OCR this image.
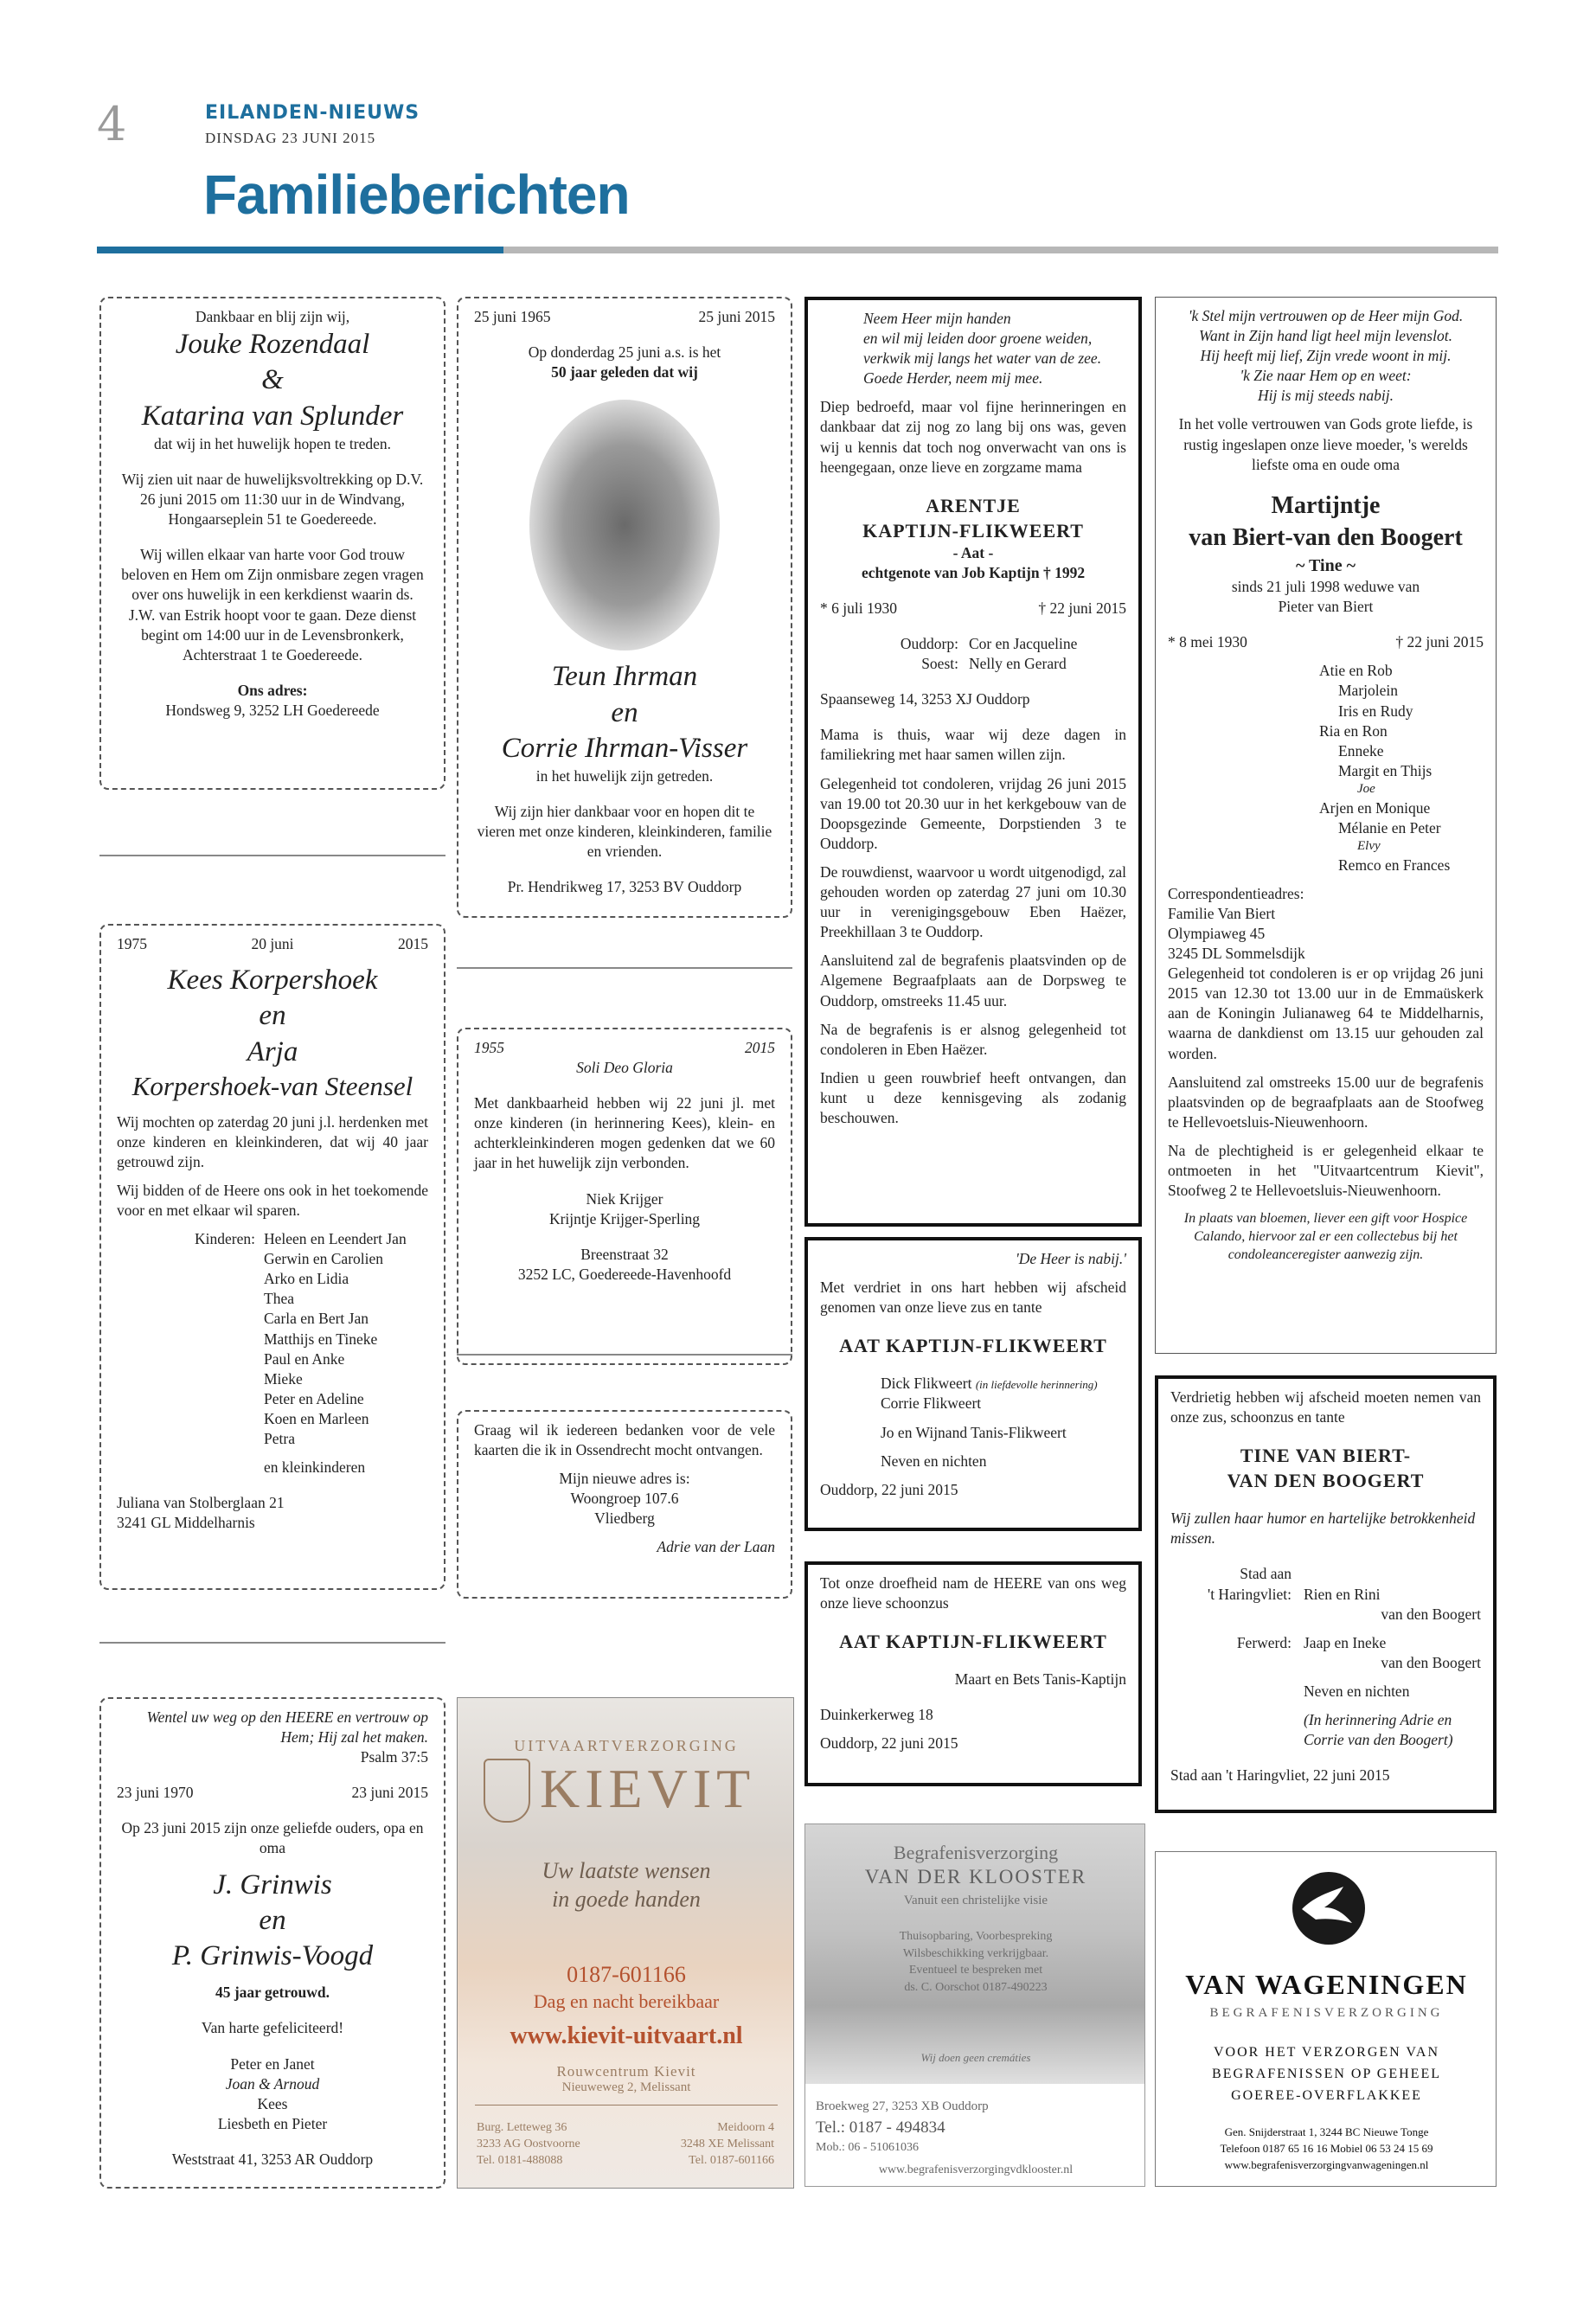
4	EILANDEN-NIEUWS
DINSDAG 23 JUNI 2015
Familieberichten
Dankbaar en blij zijn wij,
Jouke Rozendaal
&
Katarina van Splunder
dat wij in het huwelijk hopen te treden.
Wij zien uit naar de huwelijksvoltrekking op D.V. 26 juni 2015 om 11:30 uur in de Windvang, Hongaarseplein 51 te Goedereede.
Wij willen elkaar van harte voor God trouw beloven en Hem om Zijn onmisbare zegen vragen over ons huwelijk in een kerkdienst waarin ds. J.W. van Estrik hoopt voor te gaan. Deze dienst begint om 14:00 uur in de Levensbronkerk, Achterstraat 1 te Goedereede.
Ons adres:
Hondsweg 9, 3252 LH Goedereede
1975	20 juni	2015
Kees Korpershoek
en
Arja
Korpershoek-van Steensel
Wij mochten op zaterdag 20 juni j.l. herdenken met onze kinderen en kleinkinderen, dat wij 40 jaar getrouwd zijn.
Wij bidden of de Heere ons ook in het toekomende voor en met elkaar wil sparen.
Kinderen: Heleen en Leendert Jan
Gerwin en Carolien
Arko en Lidia
Thea
Carla en Bert Jan
Matthijs en Tineke
Paul en Anke
Mieke
Peter en Adeline
Koen en Marleen
Petra
en kleinkinderen
Juliana van Stolberglaan 21
3241 GL Middelharnis
Wentel uw weg op den HEERE en vertrouw op Hem; Hij zal het maken.
Psalm 37:5
23 juni 1970	23 juni 2015
Op 23 juni 2015 zijn onze geliefde ouders, opa en oma
J. Grinwis
en
P. Grinwis-Voogd
45 jaar getrouwd.
Van harte gefeliciteerd!
Peter en Janet
Joan & Arnoud
Kees
Liesbeth en Pieter
Weststraat 41, 3253 AR Ouddorp
25 juni 1965	25 juni 2015
Op donderdag 25 juni a.s. is het
50 jaar geleden dat wij
Teun Ihrman
en
Corrie Ihrman-Visser
in het huwelijk zijn getreden.
Wij zijn hier dankbaar voor en hopen dit te vieren met onze kinderen, kleinkinderen, familie en vrienden.
Pr. Hendrikweg 17, 3253 BV Ouddorp
1955	2015
Soli Deo Gloria
Met dankbaarheid hebben wij 22 juni jl. met onze kinderen (in herinnering Kees), klein- en achterkleinkinderen mogen gedenken dat we 60 jaar in het huwelijk zijn verbonden.
Niek Krijger
Krijntje Krijger-Sperling
Breenstraat 32
3252 LC, Goedereede-Havenhoofd
Graag wil ik iedereen bedanken voor de vele kaarten die ik in Ossendrecht mocht ontvangen.
Mijn nieuwe adres is:
Woongroep 107.6
Vliedberg
Adrie van der Laan
UITVAARTVERZORGING
KIEVIT
Uw laatste wensen
in goede handen
0187-601166
Dag en nacht bereikbaar
www.kievit-uitvaart.nl
Rouwcentrum Kievit
Nieuweweg 2, Melissant
Burg. Letteweg 36
3233 AG Oostvoorne
Tel. 0181-488088
Meidoorn 4
3248 XE Melissant
Tel. 0187-601166
Neem Heer mijn handen
en wil mij leiden door groene weiden,
verkwik mij langs het water van de zee.
Goede Herder, neem mij mee.
Diep bedroefd, maar vol fijne herinneringen en dankbaar dat zij nog zo lang bij ons was, geven wij u kennis dat toch nog onverwacht van ons is heengegaan, onze lieve en zorgzame mama
ARENTJE
KAPTIJN-FLIKWEERT
- Aat -
echtgenote van Job Kaptijn † 1992
* 6 juli 1930	† 22 juni 2015
Ouddorp: Cor en Jacqueline
Soest: Nelly en Gerard
Spaanseweg 14, 3253 XJ Ouddorp
Mama is thuis, waar wij deze dagen in familiekring met haar samen willen zijn.
Gelegenheid tot condoleren, vrijdag 26 juni 2015 van 19.00 tot 20.30 uur in het kerkgebouw van de Doopsgezinde Gemeente, Dorpstienden 3 te Ouddorp.
De rouwdienst, waarvoor u wordt uitgenodigd, zal gehouden worden op zaterdag 27 juni om 10.30 uur in verenigingsgebouw Eben Haëzer, Preekhillaan 3 te Ouddorp.
Aansluitend zal de begrafenis plaatsvinden op de Algemene Begraafplaats aan de Dorpsweg te Ouddorp, omstreeks 11.45 uur.
Na de begrafenis is er alsnog gelegenheid tot condoleren in Eben Haëzer.
Indien u geen rouwbrief heeft ontvangen, dan kunt u deze kennisgeving als zodanig beschouwen.
'De Heer is nabij.'
Met verdriet in ons hart hebben wij afscheid genomen van onze lieve zus en tante
AAT KAPTIJN-FLIKWEERT
Dick Flikweert (in liefdevolle herinnering)
Corrie Flikweert
Jo en Wijnand Tanis-Flikweert
Neven en nichten
Ouddorp, 22 juni 2015
Tot onze droefheid nam de HEERE van ons weg onze lieve schoonzus
AAT KAPTIJN-FLIKWEERT
Maart en Bets Tanis-Kaptijn
Duinkerkerweg 18
Ouddorp, 22 juni 2015
Begrafenisverzorging
VAN DER KLOOSTER
Vanuit een christelijke visie
Thuisopbaring, Voorbespreking
Wilsbeschikking verkrijgbaar.
Eventueel te bespreken met
ds. C. Oorschot 0187-490223
Wij doen geen cremáties
Broekweg 27, 3253 XB Ouddorp
Tel.: 0187 - 494834
Mob.: 06 - 51061036
www.begrafenisverzorgingvdklooster.nl
'k Stel mijn vertrouwen op de Heer mijn God.
Want in Zijn hand ligt heel mijn levenslot.
Hij heeft mij lief, Zijn vrede woont in mij.
'k Zie naar Hem op en weet:
Hij is mij steeds nabij.
In het volle vertrouwen van Gods grote liefde, is rustig ingeslapen onze lieve moeder, 's werelds liefste oma en oude oma
Martijntje
van Biert-van den Boogert
~ Tine ~
sinds 21 juli 1998 weduwe van
Pieter van Biert
* 8 mei 1930	† 22 juni 2015
Atie en Rob
Marjolein
Iris en Rudy
Ria en Ron
Enneke
Margit en Thijs
Joe
Arjen en Monique
Mélanie en Peter
Elvy
Remco en Frances
Correspondentieadres:
Familie Van Biert
Olympiaweg 45
3245 DL Sommelsdijk
Gelegenheid tot condoleren is er op vrijdag 26 juni 2015 van 12.30 tot 13.00 uur in de Emmaüskerk aan de Koningin Julianaweg 64 te Middelharnis, waarna de dankdienst om 13.15 uur gehouden zal worden.
Aansluitend zal omstreeks 15.00 uur de begrafenis plaatsvinden op de begraafplaats aan de Stoofweg te Hellevoetsluis-Nieuwenhoorn.
Na de plechtigheid is er gelegenheid elkaar te ontmoeten in het "Uitvaartcentrum Kievit", Stoofweg 2 te Hellevoetsluis-Nieuwenhoorn.
In plaats van bloemen, liever een gift voor Hospice Calando, hiervoor zal er een collectebus bij het condoleanceregister aanwezig zijn.
Verdrietig hebben wij afscheid moeten nemen van onze zus, schoonzus en tante
TINE VAN BIERT-
VAN DEN BOOGERT
Wij zullen haar humor en hartelijke betrokkenheid missen.
Stad aan
't Haringvliet:
Rien en Rini
van den Boogert
Ferwerd: Jaap en Ineke
van den Boogert
Neven en nichten
(In herinnering Adrie en Corrie van den Boogert)
Stad aan 't Haringvliet, 22 juni 2015
VAN WAGENINGEN
BEGRAFENISVERZORGING
VOOR HET VERZORGEN VAN
BEGRAFENISSEN OP GEHEEL
GOEREE-OVERFLAKKEE
Gen. Snijderstraat 1, 3244 BC Nieuwe Tonge
Telefoon 0187 65 16 16 Mobiel 06 53 24 15 69
www.begrafenisverzorgingvanwageningen.nl
